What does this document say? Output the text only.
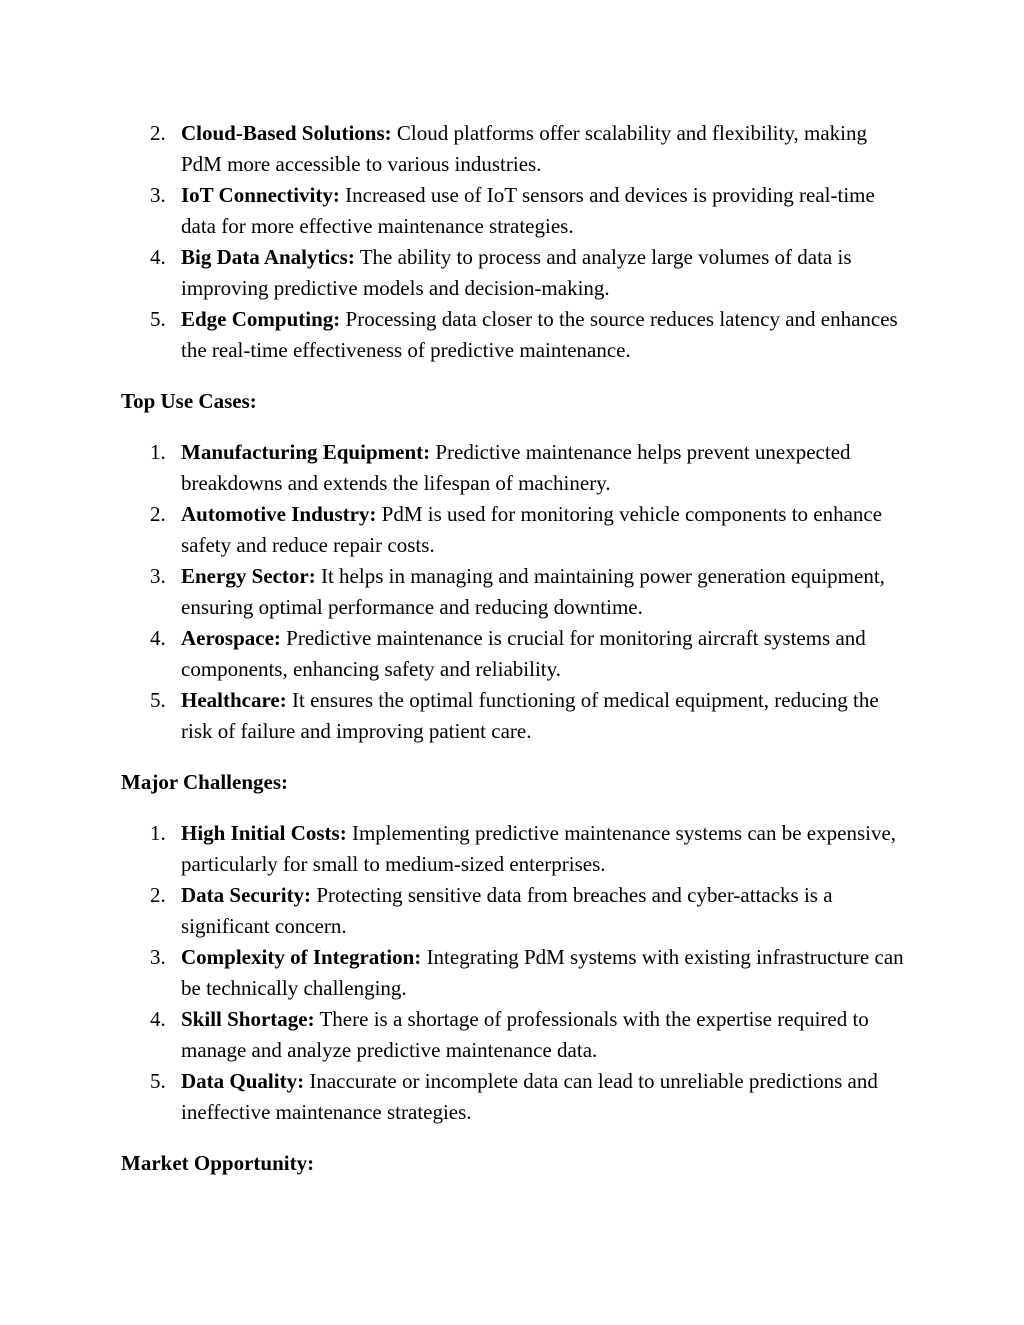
2. Cloud-Based Solutions: Cloud platforms offer scalability and flexibility, making PdM more accessible to various industries.
3. IoT Connectivity: Increased use of IoT sensors and devices is providing real-time data for more effective maintenance strategies.
4. Big Data Analytics: The ability to process and analyze large volumes of data is improving predictive models and decision-making.
5. Edge Computing: Processing data closer to the source reduces latency and enhances the real-time effectiveness of predictive maintenance.
Top Use Cases:
1. Manufacturing Equipment: Predictive maintenance helps prevent unexpected breakdowns and extends the lifespan of machinery.
2. Automotive Industry: PdM is used for monitoring vehicle components to enhance safety and reduce repair costs.
3. Energy Sector: It helps in managing and maintaining power generation equipment, ensuring optimal performance and reducing downtime.
4. Aerospace: Predictive maintenance is crucial for monitoring aircraft systems and components, enhancing safety and reliability.
5. Healthcare: It ensures the optimal functioning of medical equipment, reducing the risk of failure and improving patient care.
Major Challenges:
1. High Initial Costs: Implementing predictive maintenance systems can be expensive, particularly for small to medium-sized enterprises.
2. Data Security: Protecting sensitive data from breaches and cyber-attacks is a significant concern.
3. Complexity of Integration: Integrating PdM systems with existing infrastructure can be technically challenging.
4. Skill Shortage: There is a shortage of professionals with the expertise required to manage and analyze predictive maintenance data.
5. Data Quality: Inaccurate or incomplete data can lead to unreliable predictions and ineffective maintenance strategies.
Market Opportunity:
